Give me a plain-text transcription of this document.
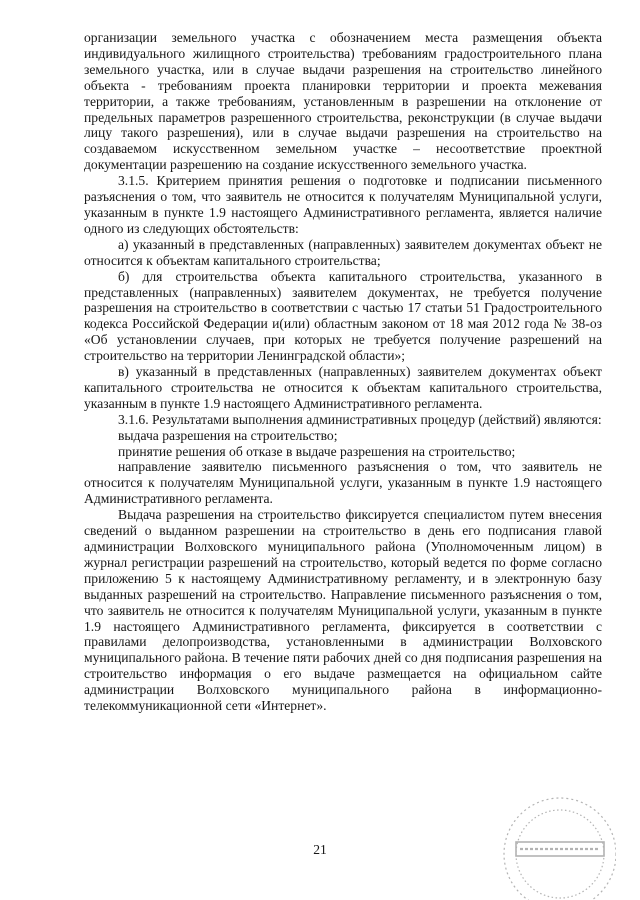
организации земельного участка с обозначением места размещения объекта индивидуального жилищного строительства) требованиям градостроительного плана земельного участка, или в случае выдачи разрешения на строительство линейного объекта - требованиям проекта планировки территории и проекта межевания территории, а также требованиям, установленным в разрешении на отклонение от предельных параметров разрешенного строительства, реконструкции (в случае выдачи лицу такого разрешения), или в случае выдачи разрешения на строительство на создаваемом искусственном земельном участке – несоответствие проектной документации разрешению на создание искусственного земельного участка.

3.1.5. Критерием принятия решения о подготовке и подписании письменного разъяснения о том, что заявитель не относится к получателям Муниципальной услуги, указанным в пункте 1.9 настоящего Административного регламента, является наличие одного из следующих обстоятельств:

а) указанный в представленных (направленных) заявителем документах объект не относится к объектам капитального строительства;

б) для строительства объекта капитального строительства, указанного в представленных (направленных) заявителем документах, не требуется получение разрешения на строительство в соответствии с частью 17 статьи 51 Градостроительного кодекса Российской Федерации и(или) областным законом от 18 мая 2012 года № 38-оз «Об установлении случаев, при которых не требуется получение разрешений на строительство на территории Ленинградской области»;

в) указанный в представленных (направленных) заявителем документах объект капитального строительства не относится к объектам капитального строительства, указанным в пункте 1.9 настоящего Административного регламента.

3.1.6. Результатами выполнения административных процедур (действий) являются:

выдача разрешения на строительство;

принятие решения об отказе в выдаче разрешения на строительство;

направление заявителю письменного разъяснения о том, что заявитель не относится к получателям Муниципальной услуги, указанным в пункте 1.9 настоящего Административного регламента.

Выдача разрешения на строительство фиксируется специалистом путем внесения сведений о выданном разрешении на строительство в день его подписания главой администрации Волховского муниципального района (Уполномоченным лицом) в журнал регистрации разрешений на строительство, который ведется по форме согласно приложению 5 к настоящему Административному регламенту, и в электронную базу выданных разрешений на строительство. Направление письменного разъяснения о том, что заявитель не относится к получателям Муниципальной услуги, указанным в пункте 1.9 настоящего Административного регламента, фиксируется в соответствии с правилами делопроизводства, установленными в администрации Волховского муниципального района. В течение пяти рабочих дней со дня подписания разрешения на строительство информация о его выдаче размещается на официальном сайте администрации Волховского муниципального района в информационно-телекоммуникационной сети «Интернет».

21
